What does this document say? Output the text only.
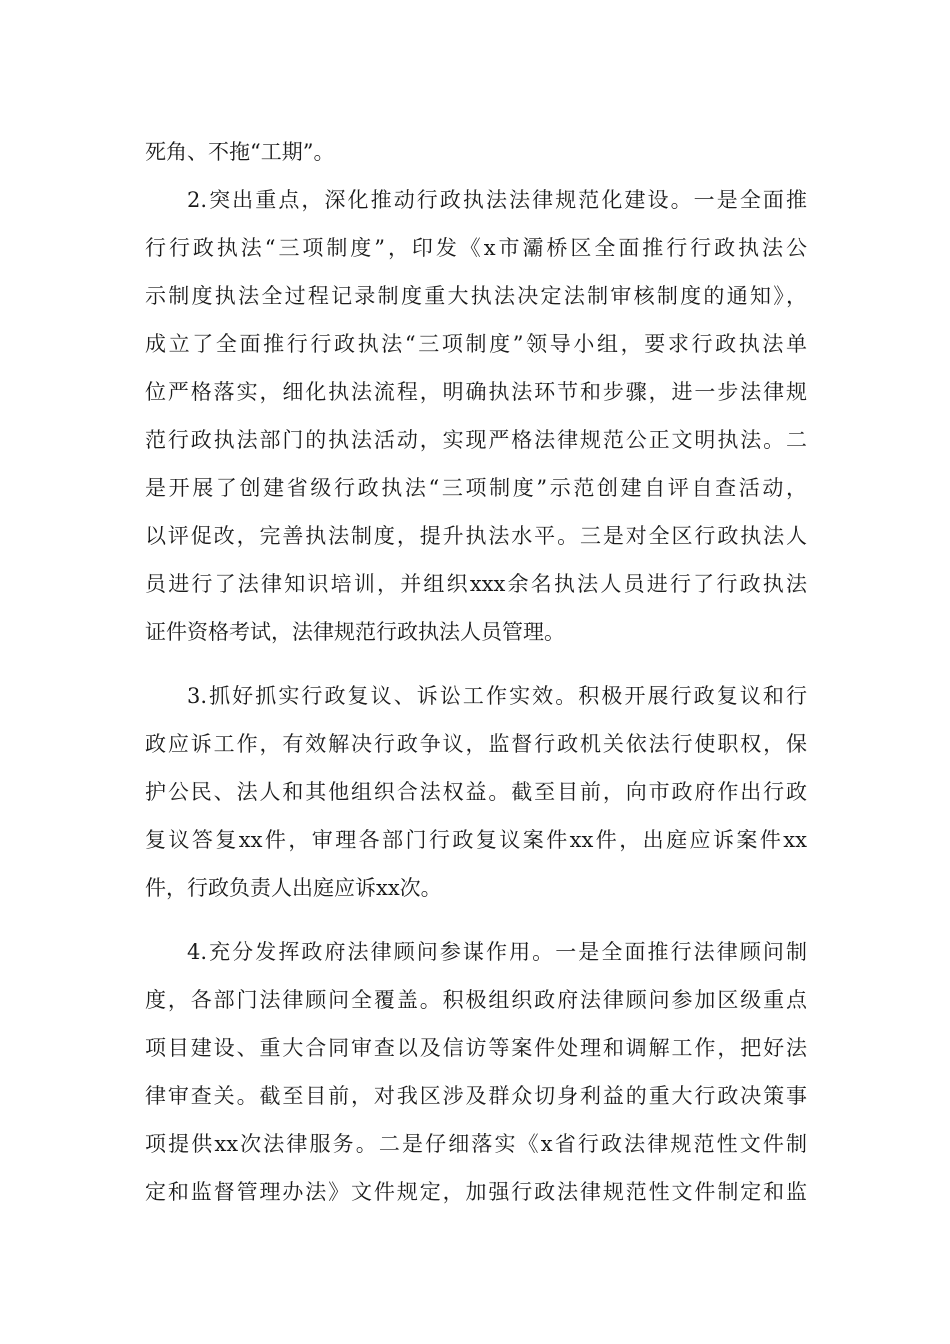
死角、不拖“工期”。
2.突出重点，深化推动行政执法法律规范化建设。一是全面推
行行政执法“三项制度”，印发《x市灞桥区全面推行行政执法公
示制度执法全过程记录制度重大执法决定法制审核制度的通知》，
成立了全面推行行政执法“三项制度”领导小组，要求行政执法单
位严格落实，细化执法流程，明确执法环节和步骤，进一步法律规
范行政执法部门的执法活动，实现严格法律规范公正文明执法。二
是开展了创建省级行政执法“三项制度”示范创建自评自查活动，
以评促改，完善执法制度，提升执法水平。三是对全区行政执法人
员进行了法律知识培训，并组织xxx余名执法人员进行了行政执法
证件资格考试，法律规范行政执法人员管理。
3.抓好抓实行政复议、诉讼工作实效。积极开展行政复议和行
政应诉工作，有效解决行政争议，监督行政机关依法行使职权，保
护公民、法人和其他组织合法权益。截至目前，向市政府作出行政
复议答复xx件，审理各部门行政复议案件xx件，出庭应诉案件xx
件，行政负责人出庭应诉xx次。
4.充分发挥政府法律顾问参谋作用。一是全面推行法律顾问制
度，各部门法律顾问全覆盖。积极组织政府法律顾问参加区级重点
项目建设、重大合同审查以及信访等案件处理和调解工作，把好法
律审查关。截至目前，对我区涉及群众切身利益的重大行政决策事
项提供xx次法律服务。二是仔细落实《x省行政法律规范性文件制
定和监督管理办法》文件规定，加强行政法律规范性文件制定和监
